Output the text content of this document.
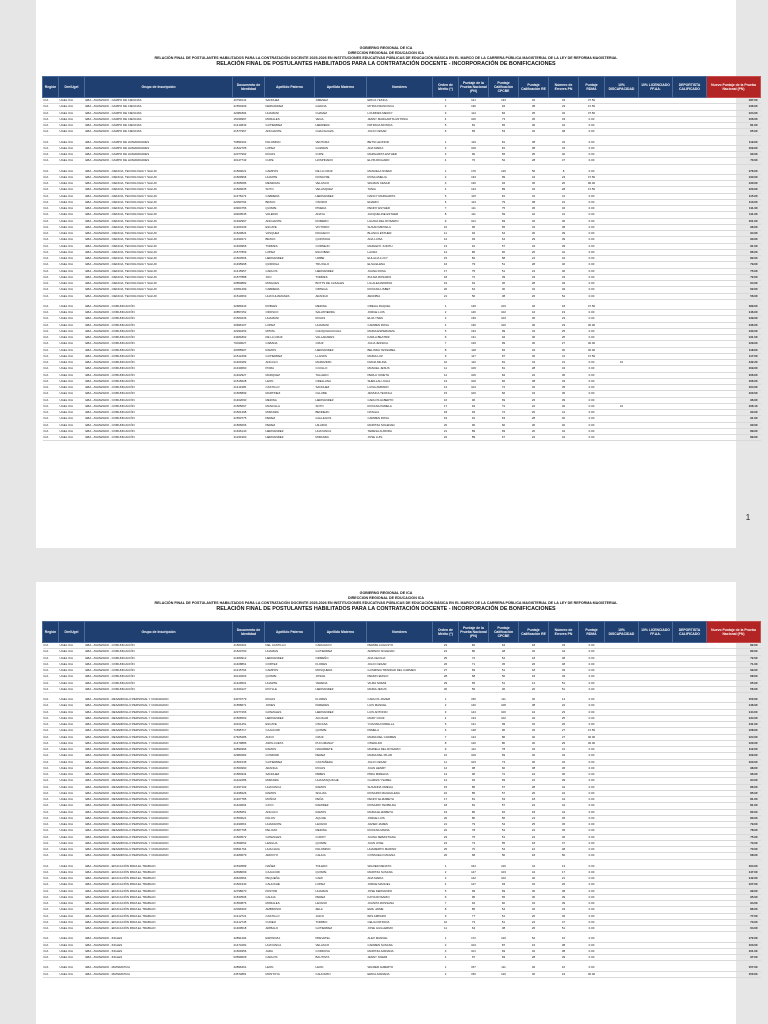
GOBIERNO REGIONAL DE ICA
DIRECCION REGIONAL DE EDUCACION ICA
RELACIÓN FINAL DE POSTULANTES HABILITADOS PARA LA CONTRATACIÓN DOCENTE 2025-2026 EN INSTITUCIONES EDUCATIVAS PÚBLICAS DE EDUCACIÓN BÁSICA EN EL MARCO DE LA CARRERA PÚBLICA MAGISTERIAL DE LA LEY DE REFORMA MAGISTERIAL
RELACIÓN FINAL DE POSTULANTES HABILITADOS PARA LA CONTRATACIÓN DOCENTE - INCORPORACIÓN DE BONIFICACIONES
Región	Dre/Ugel	Grupo de Inscripción	Documento de Identidad	Apellido Paterno	Apellido Materno	Nombres	Orden de Mérito (*)	Puntaje de la Prueba Nacional (PN)	Puntaje Calificación CPCBE	Puntaje Calificación RE	Número de Errores PN	Puntaje RDMA	10% DISCAPACIDAD	10% LICENCIADO FF.AA.	DEPORTISTA CALIFICADO	Nuevo Puntaje de la Prueba Nacional (PN)
ICA	UGEL ICA	EBA - AVANZADO - CAMPO DE CIENCIAS	40799142	SANCHEZ	JIMENEZ	ERICA YESICA	1	141	133	32	33	37.50				187.00
ICA	UGEL ICA	EBA - AVANZADO - CAMPO DE CIENCIAS	21550409	FERNANDEZ	GARCIA	MYRIA FRANCISCA	2	136	94	38	23	47.50				136.00
ICA	UGEL ICA	EBA - AVANZADO - CAMPO DE CIENCIAS	42081894	HUAMANI	CHAVEZ	LOURDES MERCY	3	114	84	35	32	37.50				124.00
ICA	UGEL ICA	EBA - AVANZADO - CAMPO DE CIENCIAS	15039997	MORALES	VEGA	JENNY MARGARITA ANTONIA	4	106	73	36	33	0.00				106.00
ICA	UGEL ICA	EBA - AVANZADO - CAMPO DE CIENCIAS	21414843	GUTIERREZ	HERRERA	PATRICIA MONICA	5	81	65	36	42	0.00				81.00
ICA	UGEL ICA	EBA - AVANZADO - CAMPO DE CIENCIAS	21577967	ANCHANTE	CHACALIAZA	JULIO CESAR	6	65	53	32	48	0.00				65.00

ICA	UGEL ICA	EBA - AVANZADO - CAMPO DE HUMANIDADES	70899162	PALOMINO	VENTURA	BETSI LEONOR	1	119	81	38	34	0.00				119.00
ICA	UGEL ICA	EBA - AVANZADO - CAMPO DE HUMANIDADES	21522705	LOPEZ	GUZMAN	ANA MARIA	2	109	81	38	34	0.00				109.00
ICA	UGEL ICA	EBA - AVANZADO - CAMPO DE HUMANIDADES	22077992	ROJAS	CUPE	MARGARITA ESTHER	3	90	65	35	40	0.00				90.00
ICA	UGEL ICA	EBA - AVANZADO - CAMPO DE HUMANIDADES	40147743	CUPE	HOSPINADO	ELVIS RICHARD	4	70	52	28	47	0.00				70.00

ICA	UGEL ICA	EBA - AVANZADO - CIENCIA, TECNOLOGIA Y SALUD	21560021	CAMPOS	DE LA CRUZ	MANUELA NOEMI	1	176	126	50	8	0.00				176.00
ICA	UGEL ICA	EBA - AVANZADO - CIENCIA, TECNOLOGIA Y SALUD	21509966	HUARTE	DONAYRE	ROSA AMELIA	2	133	99	34	23	47.50				133.00
ICA	UGEL ICA	EBA - AVANZADO - CIENCIA, TECNOLOGIA Y SALUD	21565086	MENDOZA	VELASCO	WILMAN CESAR	3	130	94	36	26	90.00				130.00
ICA	UGEL ICA	EBA - AVANZADO - CIENCIA, TECNOLOGIA Y SALUD	21560035	SOTO	VELASQUEZ	TANIA	4	123	89	34	28	47.50				123.00
ICA	UGEL ICA	EBA - AVANZADO - CIENCIA, TECNOLOGIA Y SALUD	21476274	CABRERA	HERNANDEZ	NANCY MARGARITA	5	115	81	34	31	0.00				115.00
ICA	UGEL ICA	EBA - AVANZADO - CIENCIA, TECNOLOGIA Y SALUD	22090794	BRAVO	OSORIO	ENARIO	6	113	79	38	31	0.00				113.00
ICA	UGEL ICA	EBA - AVANZADO - CIENCIA, TECNOLOGIA Y SALUD	40904756	QUISPE	PINEDA	PENNY ESTHER	7	111	75	36	32	0.00				111.00
ICA	UGEL ICA	EBA - AVANZADO - CIENCIA, TECNOLOGIA Y SALUD	40929545	VALERIO	ANAYA	JACQUELINE ESTHER	8	111	69	42	31	0.00				111.00
ICA	UGEL ICA	EBA - AVANZADO - CIENCIA, TECNOLOGIA Y SALUD	21492997	ANCHANTE	ROMERO	LILIANA DEL ROSARIO	9	101	69	32	36	0.00				101.00
ICA	UGEL ICA	EBA - AVANZADO - CIENCIA, TECNOLOGIA Y SALUD	21460109	ESCATE	VICTORIO	SUSAN MIRYELA	10	96	65	34	38	0.00				96.00
ICA	UGEL ICA	EBA - AVANZADO - CIENCIA, TECNOLOGIA Y SALUD	21520824	VASQUEZ	PACHECO	BLANCA ESTHER	11	94	64	30	39	0.00				94.00
ICA	UGEL ICA	EBA - AVANZADO - CIENCIA, TECNOLOGIA Y SALUD	21490271	BRAVO	QUINTANA	ANA LUISA	12	93	64	29	39	0.00				93.00
ICA	UGEL ICA	EBA - AVANZADO - CIENCIA, TECNOLOGIA Y SALUD	21450966	TORRES	CORNEJO	MARLENY JUDITH	13	91	57	34	39	0.00				91.00
ICA	UGEL ICA	EBA - AVANZADO - CIENCIA, TECNOLOGIA Y SALUD	21577869	LOPEZ	ESCOBAR	LAURA	14	86	60	26	42	0.00				86.00
ICA	UGEL ICA	EBA - AVANZADO - CIENCIA, TECNOLOGIA Y SALUD	21503506	HERNANDEZ	URIBE	EULALIA LUCY	15	82	58	24	42	0.00				82.00
ICA	UGEL ICA	EBA - AVANZADO - CIENCIA, TECNOLOGIA Y SALUD	21495968	QUIROGA	TRUJILLO	ELSA ELENA	16	79	51	28	46	0.00				79.00
ICA	UGEL ICA	EBA - AVANZADO - CIENCIA, TECNOLOGIA Y SALUD	21415957	CARLOS	HERNANDEZ	JUANA ROSA	17	75	51	24	46	0.00				75.00
ICA	UGEL ICA	EBA - AVANZADO - CIENCIA, TECNOLOGIA Y SALUD	21577888	JOO	TORRES	ZULMA ROSARIO	18	72	39	33	43	0.00				72.00
ICA	UGEL ICA	EBA - AVANZADO - CIENCIA, TECNOLOGIA Y SALUD	20850882	MINGUES	BOTTS DE CASALES	LIA ALEJANDRINA	19	64	36	28	49	0.00				64.00
ICA	UGEL ICA	EBA - AVANZADO - CIENCIA, TECNOLOGIA Y SALUD	43051499	CABRERA	ORTEGA	ROXANA LISBET	20	62	30	32	49	0.00				62.00
ICA	UGEL ICA	EBA - AVANZADO - CIENCIA, TECNOLOGIA Y SALUD	21510663	HUAYHUAMANZA	ARANGO	ZENOBIA	21	56	38	26	52	0.00				56.00

ICA	UGEL ICA	EBA - AVANZADO - COMUNICACIÓN	42689443	ROBLES	MEDINA	ORELIA RAQUEL	1	149	103	46	18	47.50				189.00
ICA	UGEL ICA	EBA - AVANZADO - COMUNICACIÓN	40857252	OROSCO	SALVATIERRA	JORGE LUIS	2	146	102	44	19	0.00				146.00
ICA	UGEL ICA	EBA - AVANZADO - COMUNICACIÓN	21563246	HUAMANI	ROJAS	ELVA YNES	3	139	103	36	23	0.00				139.00
ICA	UGEL ICA	EBA - AVANZADO - COMUNICACIÓN	40996107	LOPEZ	HUAMANI	CARMEN ROSA	4	136	100	36	23	30.00				136.00
ICA	UGEL ICA	EBA - AVANZADO - COMUNICACIÓN	42294253	MITMA	CHUQUIHUACCHA	MARIA ESPERANZA	5	133	99	34	25	0.00				133.00
ICA	UGEL ICA	EBA - AVANZADO - COMUNICACIÓN	44481802	DE LA CRUZ	VALLADARES	KARLA BEATRIZ	6	131	94	36	25	0.00				131.00
ICA	UGEL ICA	EBA - AVANZADO - COMUNICACIÓN	70040027	CABANA	CRUZ	JULIA JESSICA	7	129	99	30	27	30.00				129.00
ICA	UGEL ICA	EBA - AVANZADO - COMUNICACIÓN	40055997	RAMOS	HERNANDEZ	BELINDA YESSABEL	8	118	84	34	30	30.00				118.00
ICA	UGEL ICA	EBA - AVANZADO - COMUNICACIÓN	21512499	GUTIERREZ	LLANOS	MARIA LUZ	9	117	87	30	31	47.50				117.00
ICA	UGEL ICA	EBA - AVANZADO - COMUNICACIÓN	21469182	ANGULO	MARAVIDIN	DIANA MILINA	10	110	81	34	31	0.00	10			132.20
ICA	UGEL ICA	EBA - AVANZADO - COMUNICACIÓN	21430660	POMA	CCOLLO	MANUEL JESUS	11	109	81	28	34	0.00				109.00
ICA	UGEL ICA	EBA - AVANZADO - COMUNICACIÓN	21462927	MARQUEZ	TALLEDO	PERLA YANETH	12	106	84	22	36	0.00				106.00
ICA	UGEL ICA	EBA - AVANZADO - COMUNICACIÓN	21515628	LEON	ORELLANA	SHEILLAH JULIA	13	106	66	38	33	0.00				106.00
ICA	UGEL ICA	EBA - AVANZADO - COMUNICACIÓN	21411935	CASTILLO	SANCHEZ	LUISA AMPARO	14	104	72	32	35	0.00				104.00
ICA	UGEL ICA	EBA - AVANZADO - COMUNICACIÓN	21505899	MARTINEZ	OLLUBE	JESSICA TEOFILA	15	100	66	34	36	0.00				100.00
ICA	UGEL ICA	EBA - AVANZADO - COMUNICACIÓN	21462090	MEDINA	HERNANDEZ	CARLOS ALBERTO	16	96	69	26	39	0.00				96.00
ICA	UGEL ICA	EBA - AVANZADO - COMUNICACIÓN	21565667	MANCILLA	SOTO	ROXANA PAMELA	17	94	72	22	40	0.00	10			106.10
ICA	UGEL ICA	EBA - AVANZADO - COMUNICACIÓN	21501498	MIRANDA	BENDEZU	NATALIA	18	93	72	20	41	0.00				93.00
ICA	UGEL ICA	EBA - AVANZADO - COMUNICACIÓN	21550775	PEREZ	GALLEGOS	CARMEN ROSA	19	91	63	28	40	0.00				91.00
ICA	UGEL ICA	EBA - AVANZADO - COMUNICACIÓN	21566666	PEREZ	HILARIO	MARITZA SOLEDAD	20	90	60	30	40	0.00				90.00
ICA	UGEL ICA	EBA - AVANZADO - COMUNICACIÓN	21496140	HERNANDEZ	HUAYANCA	TERESA AURORA	21	89	69	20	42	0.00				89.00
ICA	UGEL ICA	EBA - AVANZADO - COMUNICACIÓN	41231960	HERNANDEZ	MIRANDA	JOSE LUIS	22	89	67	22	42	0.00				89.00
1
GOBIERNO REGIONAL DE ICA
DIRECCION REGIONAL DE EDUCACION ICA
RELACIÓN FINAL DE POSTULANTES HABILITADOS PARA LA CONTRATACIÓN DOCENTE 2025-2026 EN INSTITUCIONES EDUCATIVAS PÚBLICAS DE EDUCACIÓN BÁSICA EN EL MARCO DE LA CARRERA PÚBLICA MAGISTERIAL DE LA LEY DE REFORMA MAGISTERIAL
RELACIÓN FINAL DE POSTULANTES HABILITADOS PARA LA CONTRATACIÓN DOCENTE - INCORPORACIÓN DE BONIFICACIONES
Región	Dre/Ugel	Grupo de Inscripción	Documento de Identidad	Apellido Paterno	Apellido Materno	Nombres	Orden de Mérito (*)	Puntaje de la Prueba Nacional (PN)	Puntaje Calificación CPCBE	Puntaje Calificación RE	Número de Errores PN	Puntaje RDMA	10% DISCAPACIDAD	10% LICENCIADO FF.AA.	DEPORTISTA CALIFICADO	Nuevo Puntaje de la Prueba Nacional (PN)
ICA	UGEL ICA	EBA - AVANZADO - COMUNICACIÓN	21563401	DEL CASTILLO	CARHUAYO	PERRIE AUGUSTO	23	82	64	18	43	0.00				82.00
ICA	UGEL ICA	EBA - AVANZADO - COMUNICACIÓN	21520760	HUAMAN	GUTIERREZ	AMPARO SOLEDAD	24	80	48	32	44	0.00				80.00
ICA	UGEL ICA	EBA - AVANZADO - COMUNICACIÓN	21480912	HERNANDEZ	ORMEÑO	ANA CECILIA	25	72	54	18	48	0.00				72.00
ICA	UGEL ICA	EBA - AVANZADO - COMUNICACIÓN	21468861	CORTEZ	FLORES	JULIO CESAR	26	71	45	26	48	0.00				71.00
ICA	UGEL ICA	EBA - AVANZADO - COMUNICACIÓN	21415764	CAMPOS	MOSQUERA	GUSMINIA TRINIDAD DEL CARMEN	27	69	51	18	49	0.00				69.00
ICA	UGEL ICA	EBA - AVANZADO - COMUNICACIÓN	40144603	QUISPE	JOSUE	PEDRO EMILIO	28	68	50	18	49	0.00				68.00
ICA	UGEL ICA	EBA - AVANZADO - COMUNICACIÓN	21429501	HUARTE	YERENA	VILMA NOEMI	29	65	51	14	51	0.00				65.00
ICA	UGEL ICA	EBA - AVANZADO - COMUNICACIÓN	21490127	ROYLLE	HERNANDEZ	MARIA JESUS	30	56	36	20	51	0.00				56.00

ICA	UGEL ICA	EBA - AVANZADO - DESARROLLO PERSONAL Y CIUDADANO	44070779	ROJAS	FLORES	CARLOS JAVIER	1	150	111	40	14	0.00				150.00
ICA	UGEL ICA	EBA - AVANZADO - DESARROLLO PERSONAL Y CIUDADANO	21558671	JONES	PAREDES	LUIS MANUEL	2	146	108	38	22	0.00				146.00
ICA	UGEL ICA	EBA - AVANZADO - DESARROLLO PERSONAL Y CIUDADANO	42377266	GONZALES	HERNANDEZ	LUIS ANTONIO	3	144	100	44	23	0.00				144.00
ICA	UGEL ICA	EBA - AVANZADO - DESARROLLO PERSONAL Y CIUDADANO	21566563	HERNANDEZ	AGUILAR	MARY CRUZ	4	134	102	32	25	0.00				134.00
ICA	UGEL ICA	EBA - AVANZADO - DESARROLLO PERSONAL Y CIUDADANO	40101251	ESCATE	OSCASA	YOANNA FIORELLA	5	131	99	32	26	0.00				131.00
ICA	UGEL ICA	EBA - AVANZADO - DESARROLLO PERSONAL Y CIUDADANO	71595717	CAJACURI	QUISPE	PAMELA	6	128	96	32	27	47.50				128.00
ICA	UGEL ICA	EBA - AVANZADO - DESARROLLO PERSONAL Y CIUDADANO	27625486	ANCO	CRUZ	MARIA DEL CARMEN	7	124	86	40	27	30.00				124.00
ICA	UGEL ICA	EBA - AVANZADO - DESARROLLO PERSONAL Y CIUDADANO	21479886	ASPILCUETA	PUCUMANAY	OSWALDO	8	120	80	40	29	30.00				120.00
ICA	UGEL ICA	EBA - AVANZADO - DESARROLLO PERSONAL Y CIUDADANO	42894996	RAMOS	NAVARRETE	MARIELA DEL ROSARIO	9	112	78	34	31	0.00				112.00
ICA	UGEL ICA	EBA - AVANZADO - DESARROLLO PERSONAL Y CIUDADANO	42980282	CONDORI	PEREZ	MARIA DEL PILAR	10	109	69	40	32	0.00				109.00
ICA	UGEL ICA	EBA - AVANZADO - DESARROLLO PERSONAL Y CIUDADANO	21501545	GUTIERREZ	CASTAÑEDA	JULIO CESAR	11	103	73	30	34	0.00				103.00
ICA	UGEL ICA	EBA - AVANZADO - DESARROLLO PERSONAL Y CIUDADANO	21564990	ARANGA	ROJAS	JUAN HENRY	12	98	60	38	36	0.00				98.00
ICA	UGEL ICA	EBA - AVANZADO - DESARROLLO PERSONAL Y CIUDADANO	21584934	SANCHEZ	PEBES	PIRIA MIRELDA	13	96	72	24	36	0.00				96.00
ICA	UGEL ICA	EBA - AVANZADO - DESARROLLO PERSONAL Y CIUDADANO	21422286	MIRANDA	HUASASQUICHE	CLARIZA YSABEL	14	94	69	24	39	0.00				94.00
ICA	UGEL ICA	EBA - AVANZADO - DESARROLLO PERSONAL Y CIUDADANO	21497103	HUAYANCA	RAMOS	SUSANNA OMELIA	15	86	57	28	42	0.00				86.00
ICA	UGEL ICA	EBA - AVANZADO - DESARROLLO PERSONAL Y CIUDADANO	21498426	RAMOS	SIGUAS	ROSARIO MAGDALENA	16	85	57	26	42	0.00				85.00
ICA	UGEL ICA	EBA - AVANZADO - DESARROLLO PERSONAL Y CIUDADANO	21467785	MUÑOZ	PEÑA	PENNY ELIZABETH	17	81	63	18	44	0.00				81.00
ICA	UGEL ICA	EBA - AVANZADO - DESARROLLO PERSONAL Y CIUDADANO	21420664	CAYO	RAMIREZ	ROSARIO TEOBILDA	18	81	57	24	44	0.00				81.00
ICA	UGEL ICA	EBA - AVANZADO - DESARROLLO PERSONAL Y CIUDADANO	21505651	ANGULO	RAMOS	MARIA ELIZABETH	19	80	62	18	44	0.00				80.00
ICA	UGEL ICA	EBA - AVANZADO - DESARROLLO PERSONAL Y CIUDADANO	21553021	PALOS	AQUIJE	JORGE LUIS	20	80	56	24	45	0.00				80.00
ICA	UGEL ICA	EBA - AVANZADO - DESARROLLO PERSONAL Y CIUDADANO	21490661	HUARANTE	LEVANO	JAVIER JAMES	21	79	54	25	45	0.00				79.00
ICA	UGEL ICA	EBA - AVANZADO - DESARROLLO PERSONAL Y CIUDADANO	21567795	PELOZO	MEDINA	ROXANA MARIA	22	78	54	24	45	0.00				78.00
ICA	UGEL ICA	EBA - AVANZADO - DESARROLLO PERSONAL Y CIUDADANO	21560572	GONZALES	CUROY	JUANA SEBASTIANA	23	75	51	24	46	0.00				75.00
ICA	UGEL ICA	EBA - AVANZADO - DESARROLLO PERSONAL Y CIUDADANO	21559052	LENGUA	QUISPE	JUAN JOSE	24	73	55	18	47	0.00				73.00
ICA	UGEL ICA	EBA - AVANZADO - DESARROLLO PERSONAL Y CIUDADANO	09691764	HUACHUA	PALOMINO	HUAMERTO MARINO	25	70	54	16	48	0.00				70.00
ICA	UGEL ICA	EBA - AVANZADO - DESARROLLO PERSONAL Y CIUDADANO	21480679	ARROYO	CAHUA	CONSUELO MAGNA	26	68	50	18	50	0.00				68.00

ICA	UGEL ICA	EBA - AVANZADO - EDUCACIÓN PARA EL TRABAJO	21533589	NAÑEZ	TOLEDO	WILDER RENATO	1	164	120	44	13	0.00				164.00
ICA	UGEL ICA	EBA - AVANZADO - EDUCACIÓN PARA EL TRABAJO	42698699	CAJACURI	QUISPE	MARITZA SUSANA	2	147	103	44	17	0.00				147.00
ICA	UGEL ICA	EBA - AVANZADO - EDUCACIÓN PARA EL TRABAJO	40623664	PEQUEÑA	CAMI	ANA MARIA	3	142	102	40	21	0.00				142.00
ICA	UGEL ICA	EBA - AVANZADO - EDUCACIÓN PARA EL TRABAJO	21501940	CAHUCHE	LOPEZ	JORGE MANUEL	4	127	93	34	26	0.00				127.00
ICA	UGEL ICA	EBA - AVANZADO - EDUCACIÓN PARA EL TRABAJO	42798670	PASTOR	HUAMAN	JOSE FERNANDO	5	99	69	30	38	0.00				99.00
ICA	UGEL ICA	EBA - AVANZADO - EDUCACIÓN PARA EL TRABAJO	21533506	CAHUA	PEREZ	KATIA ROSARIO	6	95	65	30	39	0.00				95.00
ICA	UGEL ICA	EBA - AVANZADO - EDUCACIÓN PARA EL TRABAJO	21553876	MORALES	LEVANO	JUANITA ROSSANA	7	94	60	34	39	0.00				94.00
ICA	UGEL ICA	EBA - AVANZADO - EDUCACIÓN PARA EL TRABAJO	22096303	AMBROSIO	ZELA	EMIL JAIME	8	86	54	32	43	0.00				86.00
ICA	UGEL ICA	EBA - AVANZADO - EDUCACIÓN PARA EL TRABAJO	21412721	CASTILLO	JAICO	IRIS AMPARO	9	77	51	26	45	0.00				77.00
ICA	UGEL ICA	EBA - AVANZADO - EDUCACIÓN PARA EL TRABAJO	21412745	CUNEO	TORIBIO	CELIA PATRICIA	10	73	51	22	47	0.00				73.00
ICA	UGEL ICA	EBA - AVANZADO - EDUCACIÓN PARA EL TRABAJO	21469518	ARIBALO	GUTIERREZ	JOSE GUILLERMO	11	64	38	26	51	0.00				64.00

ICA	UGEL ICA	EBA - AVANZADO - INGLES	42891494	ESPINOZA	PREVATEL	ALEX MANUEL	1	172	120	52	10	0.00				172.00
ICA	UGEL ICA	EBA - AVANZADO - INGLES	21474282	HUAYANCA	VELASCO	CARMEN SUSANA	2	103	87	16	38	0.00				103.00
ICA	UGEL ICA	EBA - AVANZADO - INGLES	21509356	JARA	CORDOVA	MARITZA ADRIANA	3	101	69	32	38	0.00				101.00
ICA	UGEL ICA	EBA - AVANZADO - INGLES	00599609	CARLOS	BAUTISTA	JENNY NOEMI	4	97	69	28	39	0.00				97.00

ICA	UGEL ICA	EBA - AVANZADO - MATEMATICA	42896461	LEON	LEON	WILMER ALBERTO	1	157	111	46	16	0.00				157.00
ICA	UGEL ICA	EBA - AVANZADO - MATEMATICA	44574881	MONTOYA	CAHUAPIN	ERIKA ADRIANA	2	150	120	30	19	30.00				150.00
